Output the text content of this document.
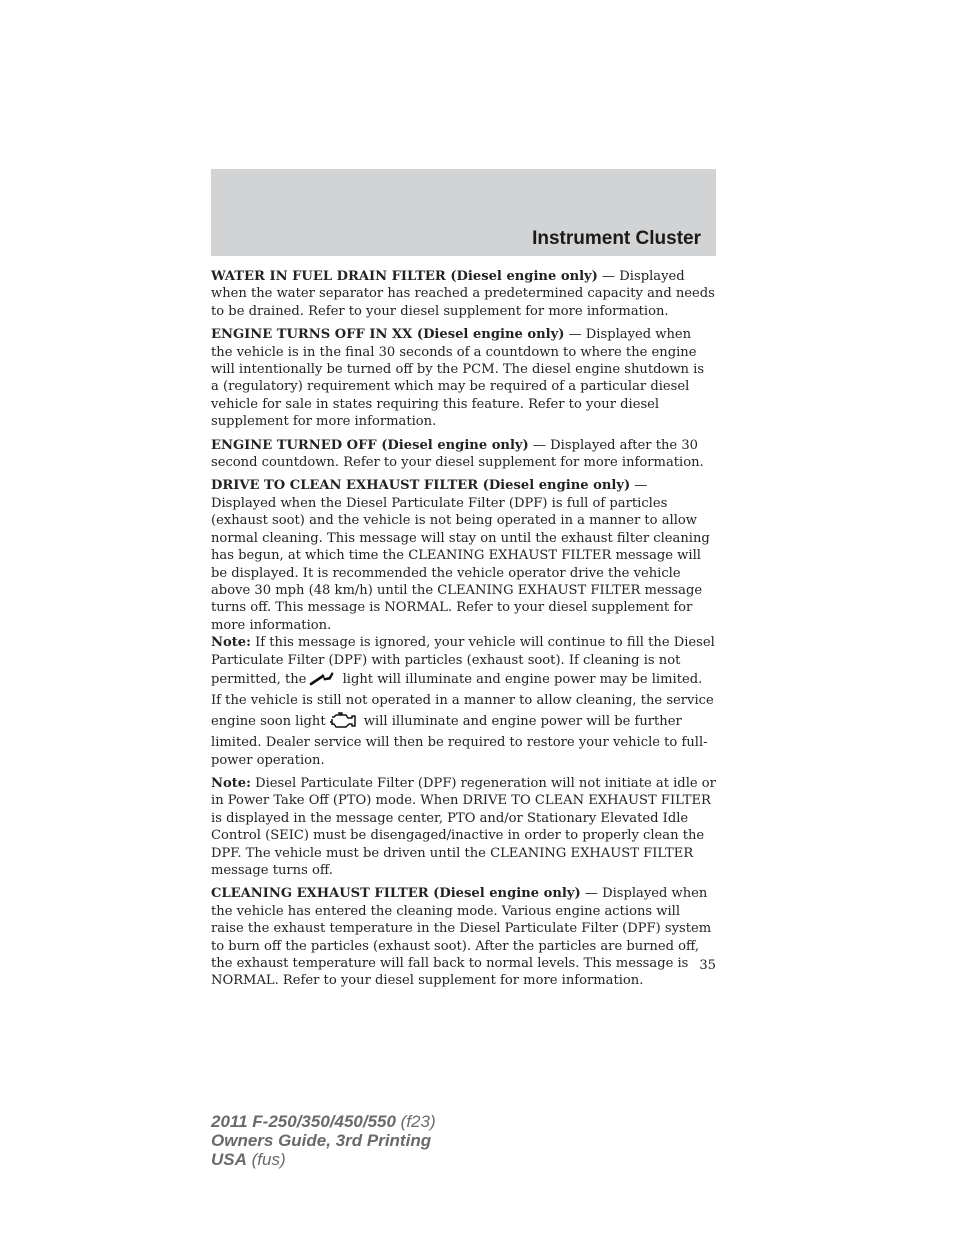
Instrument Cluster

WATER IN FUEL DRAIN FILTER (Diesel engine only) — Displayed when the water separator has reached a predetermined capacity and needs to be drained. Refer to your diesel supplement for more information.

ENGINE TURNS OFF IN XX (Diesel engine only) — Displayed when the vehicle is in the final 30 seconds of a countdown to where the engine will intentionally be turned off by the PCM. The diesel engine shutdown is a (regulatory) requirement which may be required of a particular diesel vehicle for sale in states requiring this feature. Refer to your diesel supplement for more information.

ENGINE TURNED OFF (Diesel engine only) — Displayed after the 30 second countdown. Refer to your diesel supplement for more information.

DRIVE TO CLEAN EXHAUST FILTER (Diesel engine only) — Displayed when the Diesel Particulate Filter (DPF) is full of particles (exhaust soot) and the vehicle is not being operated in a manner to allow normal cleaning. This message will stay on until the exhaust filter cleaning has begun, at which time the CLEANING EXHAUST FILTER message will be displayed. It is recommended the vehicle operator drive the vehicle above 30 mph (48 km/h) until the CLEANING EXHAUST FILTER message turns off. This message is NORMAL. Refer to your diesel supplement for more information.

Note: If this message is ignored, your vehicle will continue to fill the Diesel Particulate Filter (DPF) with particles (exhaust soot). If cleaning is not permitted, the light will illuminate and engine power may be limited. If the vehicle is still not operated in a manner to allow cleaning, the service engine soon light	will illuminate and engine power will be further limited. Dealer service will then be required to restore your vehicle to full-power operation.

Note: Diesel Particulate Filter (DPF) regeneration will not initiate at idle or in Power Take Off (PTO) mode. When DRIVE TO CLEAN EXHAUST FILTER is displayed in the message center, PTO and/or Stationary Elevated Idle Control (SEIC) must be disengaged/inactive in order to properly clean the DPF. The vehicle must be driven until the CLEANING EXHAUST FILTER message turns off.

CLEANING EXHAUST FILTER (Diesel engine only) — Displayed when the vehicle has entered the cleaning mode. Various engine actions will raise the exhaust temperature in the Diesel Particulate Filter (DPF) system to burn off the particles (exhaust soot). After the particles are burned off, the exhaust temperature will fall back to normal levels. This message is NORMAL. Refer to your diesel supplement for more information.

35
2011 F-250/350/450/550 (f23)
Owners Guide, 3rd Printing
USA (fus)
